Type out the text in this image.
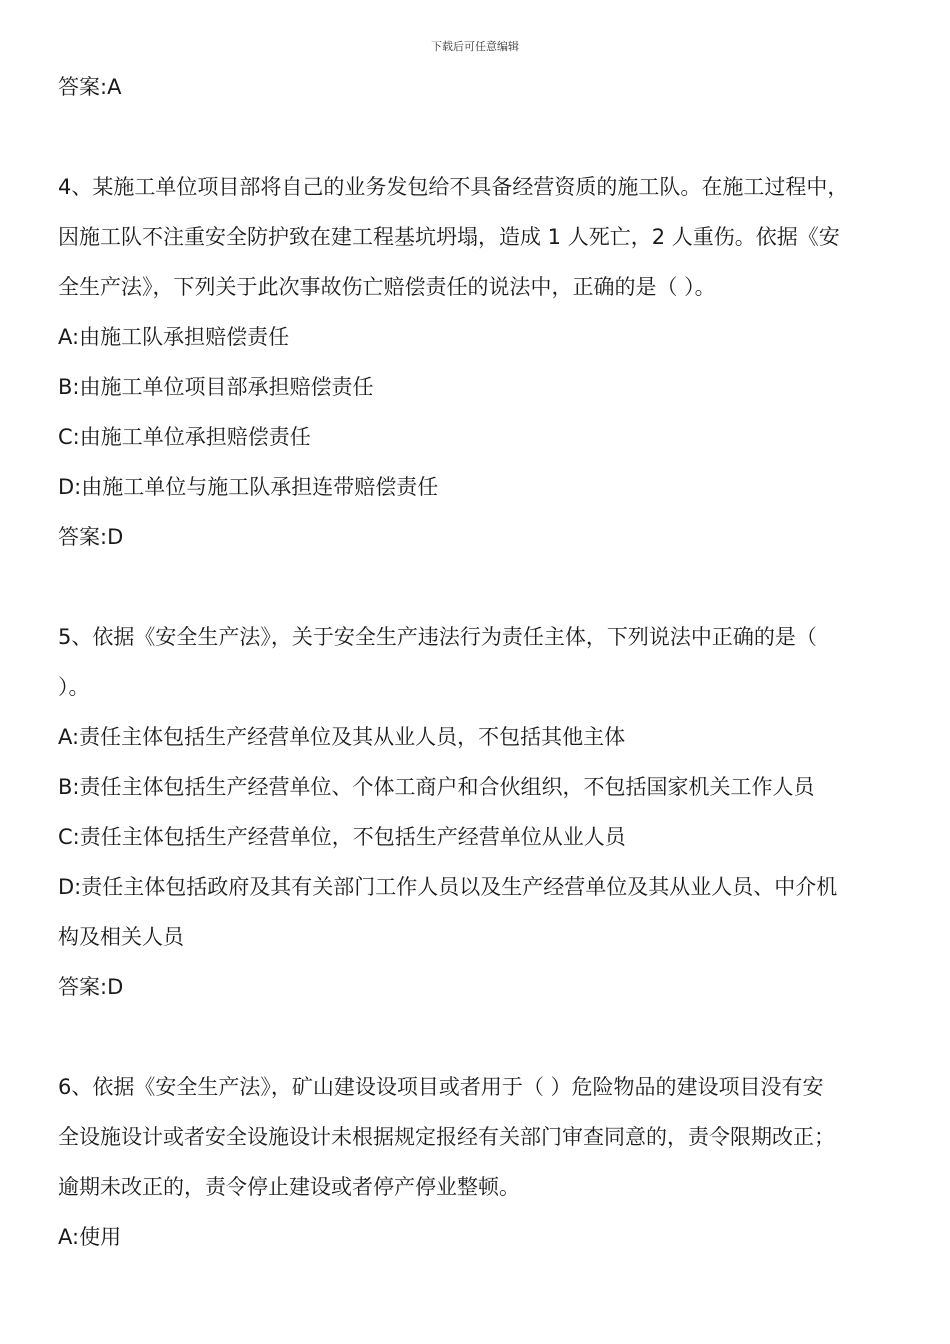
下载后可任意编辑

答案:A

4、某施工单位项目部将自己的业务发包给不具备经营资质的施工队。在施工过程中，

因施工队不注重安全防护致在建工程基坑坍塌，造成 1 人死亡，2 人重伤。依据《安

全生产法》，下列关于此次事故伤亡赔偿责任的说法中，正确的是（ ）。

A:由施工队承担赔偿责任

B:由施工单位项目部承担赔偿责任

C:由施工单位承担赔偿责任

D:由施工单位与施工队承担连带赔偿责任

答案:D

5、依据《安全生产法》，关于安全生产违法行为责任主体，下列说法中正确的是（

）。

A:责任主体包括生产经营单位及其从业人员，不包括其他主体

B:责任主体包括生产经营单位、个体工商户和合伙组织，不包括国家机关工作人员

C:责任主体包括生产经营单位，不包括生产经营单位从业人员

D:责任主体包括政府及其有关部门工作人员以及生产经营单位及其从业人员、中介机

构及相关人员

答案:D

6、依据《安全生产法》，矿山建设设项目或者用于（ ）危险物品的建设项目没有安

全设施设计或者安全设施设计未根据规定报经有关部门审查同意的，责令限期改正；

逾期未改正的，责令停止建设或者停产停业整顿。

A:使用
